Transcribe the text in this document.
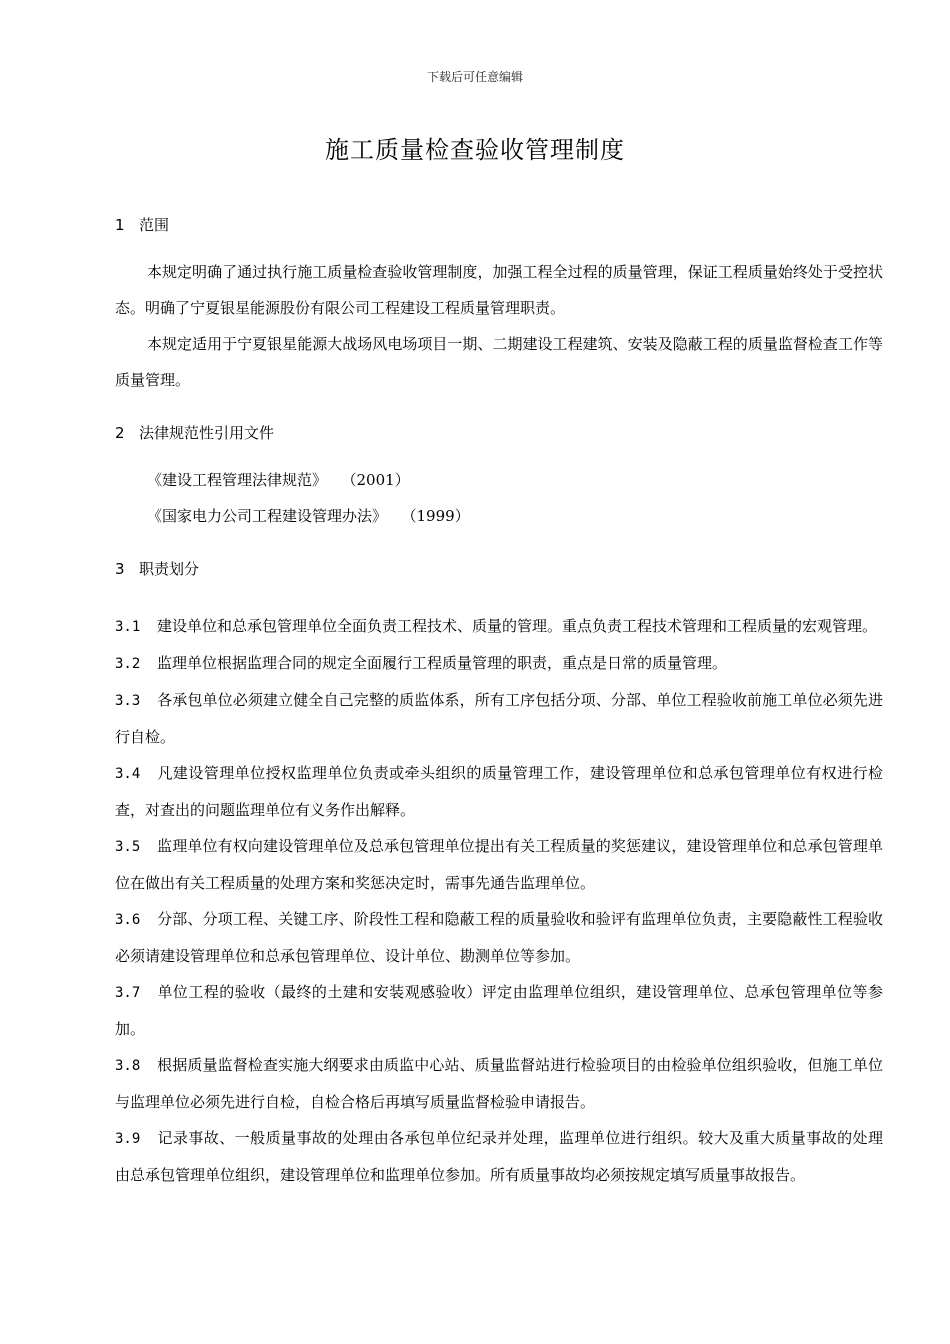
下载后可任意编辑
施工质量检查验收管理制度
1 范围

本规定明确了通过执行施工质量检查验收管理制度，加强工程全过程的质量管理，保证工程质量始终处于受控状态。明确了宁夏银星能源股份有限公司工程建设工程质量管理职责。

本规定适用于宁夏银星能源大战场风电场项目一期、二期建设工程建筑、安装及隐蔽工程的质量监督检查工作等质量管理。

2 法律规范性引用文件

《建设工程管理法律规范》 （2001）

《国家电力公司工程建设管理办法》 （1999）

3 职责划分

3.1 建设单位和总承包管理单位全面负责工程技术、质量的管理。重点负责工程技术管理和工程质量的宏观管理。

3.2 监理单位根据监理合同的规定全面履行工程质量管理的职责，重点是日常的质量管理。

3.3 各承包单位必须建立健全自己完整的质监体系，所有工序包括分项、分部、单位工程验收前施工单位必须先进行自检。

3.4 凡建设管理单位授权监理单位负责或牵头组织的质量管理工作，建设管理单位和总承包管理单位有权进行检查，对查出的问题监理单位有义务作出解释。

3.5 监理单位有权向建设管理单位及总承包管理单位提出有关工程质量的奖惩建议，建设管理单位和总承包管理单位在做出有关工程质量的处理方案和奖惩决定时，需事先通告监理单位。

3.6 分部、分项工程、关键工序、阶段性工程和隐蔽工程的质量验收和验评有监理单位负责，主要隐蔽性工程验收必须请建设管理单位和总承包管理单位、设计单位、勘测单位等参加。

3.7 单位工程的验收（最终的土建和安装观感验收）评定由监理单位组织，建设管理单位、总承包管理单位等参加。

3.8 根据质量监督检查实施大纲要求由质监中心站、质量监督站进行检验项目的由检验单位组织验收，但施工单位与监理单位必须先进行自检，自检合格后再填写质量监督检验申请报告。

3.9 记录事故、一般质量事故的处理由各承包单位纪录并处理，监理单位进行组织。较大及重大质量事故的处理　由总承包管理单位组织，建设管理单位和监理单位参加。所有质量事故均必须按规定填写质量事故报告。
